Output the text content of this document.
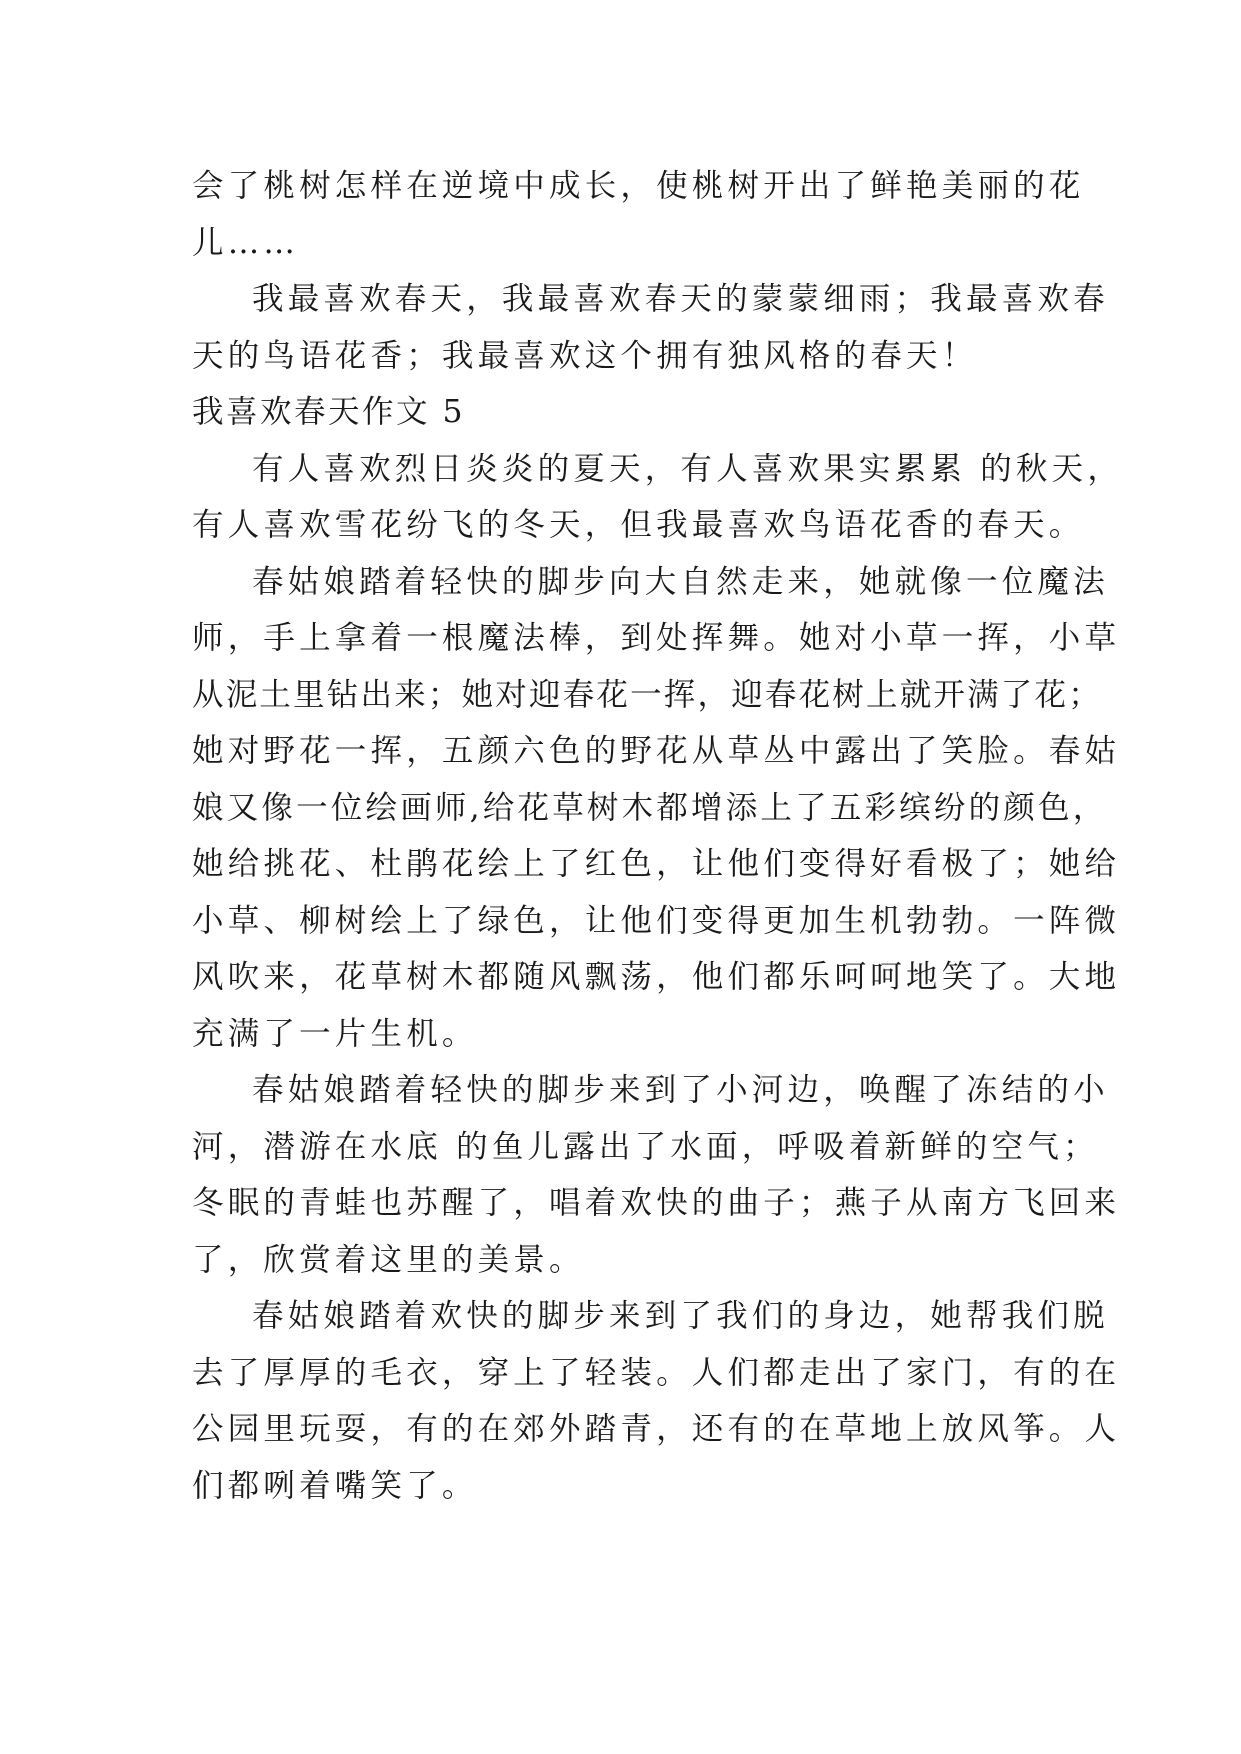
会了桃树怎样在逆境中成长，使桃树开出了鲜艳美丽的花
儿……
我最喜欢春天，我最喜欢春天的蒙蒙细雨；我最喜欢春
天的鸟语花香；我最喜欢这个拥有独风格的春天！
我喜欢春天作文 5
有人喜欢烈日炎炎的夏天，有人喜欢果实累累 的秋天，
有人喜欢雪花纷飞的冬天，但我最喜欢鸟语花香的春天。
春姑娘踏着轻快的脚步向大自然走来，她就像一位魔法
师，手上拿着一根魔法棒，到处挥舞。她对小草一挥，小草
从泥土里钻出来；她对迎春花一挥，迎春花树上就开满了花；
她对野花一挥，五颜六色的野花从草丛中露出了笑脸。春姑
娘又像一位绘画师,给花草树木都增添上了五彩缤纷的颜色，
她给挑花、杜鹃花绘上了红色，让他们变得好看极了；她给
小草、柳树绘上了绿色，让他们变得更加生机勃勃。一阵微
风吹来，花草树木都随风飘荡，他们都乐呵呵地笑了。大地
充满了一片生机。
春姑娘踏着轻快的脚步来到了小河边，唤醒了冻结的小
河，潜游在水底 的鱼儿露出了水面，呼吸着新鲜的空气；
冬眠的青蛙也苏醒了，唱着欢快的曲子；燕子从南方飞回来
了，欣赏着这里的美景。
春姑娘踏着欢快的脚步来到了我们的身边，她帮我们脱
去了厚厚的毛衣，穿上了轻装。人们都走出了家门，有的在
公园里玩耍，有的在郊外踏青，还有的在草地上放风筝。人
们都咧着嘴笑了。
